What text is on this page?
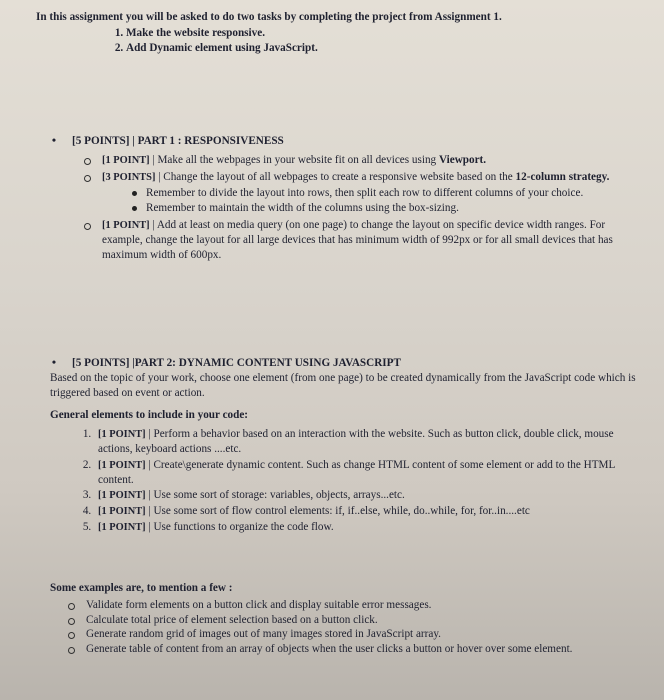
In this assignment you will be asked to do two tasks by completing the project from Assignment 1.
1. Make the website responsive.
2. Add Dynamic element using JavaScript.
•	[5 POINTS] | PART 1 : RESPONSIVENESS
[1 POINT] | Make all the webpages in your website fit on all devices using Viewport.
[3 POINTS] | Change the layout of all webpages to create a responsive website based on the 12-column strategy.
Remember to divide the layout into rows, then split each row to different columns of your choice.
Remember to maintain the width of the columns using the box-sizing.
[1 POINT] | Add at least on media query (on one page) to change the layout on specific device width ranges. For example, change the layout for all large devices that has minimum width of 992px or for all small devices that has maximum width of 600px.
•	[5 POINTS] | PART 2: DYNAMIC CONTENT USING JAVASCRIPT

Based on the topic of your work, choose one element (from one page) to be created dynamically from the JavaScript code which is triggered based on event or action.

General elements to include in your code:
1. [1 POINT] | Perform a behavior based on an interaction with the website. Such as button click, double click, mouse actions, keyboard actions ....etc.
2. [1 POINT] | Create\generate dynamic content. Such as change HTML content of some element or add to the HTML content.
3. [1 POINT] | Use some sort of storage: variables, objects, arrays...etc.
4. [1 POINT] | Use some sort of flow control elements: if, if..else, while, do..while, for, for..in....etc
5. [1 POINT] | Use functions to organize the code flow.
Some examples are, to mention a few :
Validate form elements on a button click and display suitable error messages.
Calculate total price of element selection based on a button click.
Generate random grid of images out of many images stored in JavaScript array.
Generate table of content from an array of objects when the user clicks a button or hover over some element.
